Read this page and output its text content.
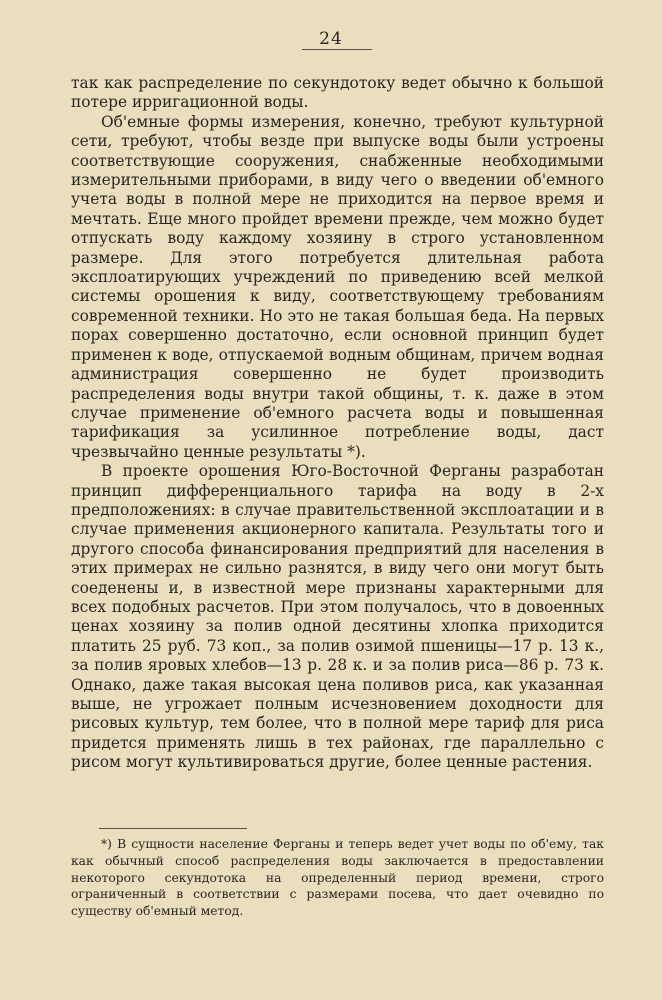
24

так как распределение по секундотоку ведет обычно к большой потере ирригационной воды.

Об'емные формы измерения, конечно, требуют культурной сети, требуют, чтобы везде при выпуске воды были устроены соответствующие сооружения, снабженные необходимыми измерительными приборами, в виду чего о введении об'емного учета воды в полной мере не приходится на первое время и мечтать. Еще много пройдет времени прежде, чем можно будет отпускать воду каждому хозяину в строго установленном размере. Для этого потребуется длительная работа эксплоатирующих учреждений по приведению всей мелкой системы орошения к виду, соответствующему требованиям современной техники. Но это не такая большая беда. На первых порах совершенно достаточно, если основной принцип будет применен к воде, отпускаемой водным общинам, причем водная администрация совершенно не будет производить распределения воды внутри такой общины, т. к. даже в этом случае применение об'емного расчета воды и повышенная тарификация за усилинное потребление воды, даст чрезвычайно ценные результаты *).

В проекте орошения Юго-Восточной Ферганы разработан принцип дифференциального тарифа на воду в 2-х предположениях: в случае правительственной эксплоатации и в случае применения акционерного капитала. Результаты того и другого способа финансирования предприятий для населения в этих примерах не сильно разнятся, в виду чего они могут быть соеденены и, в известной мере признаны характерными для всех подобных расчетов. При этом получалось, что в довоенных ценах хозяину за полив одной десятины хлопка приходится платить 25 руб. 73 коп., за полив озимой пшеницы—17 р. 13 к., за полив яровых хлебов—13 р. 28 к. и за полив риса—86 р. 73 к. Однако, даже такая высокая цена поливов риса, как указанная выше, не угрожает полным исчезновением доходности для рисовых культур, тем более, что в полной мере тариф для риса придется применять лишь в тех районах, где параллельно с рисом могут культивироваться другие, более ценные растения.

*) В сущности население Ферганы и теперь ведет учет воды по об'ему, так как обычный способ распределения воды заключается в предоставлении некоторого секундотока на определенный период времени, строго ограниченный в соответствии с размерами посева, что дает очевидно по существу об'емный метод.
